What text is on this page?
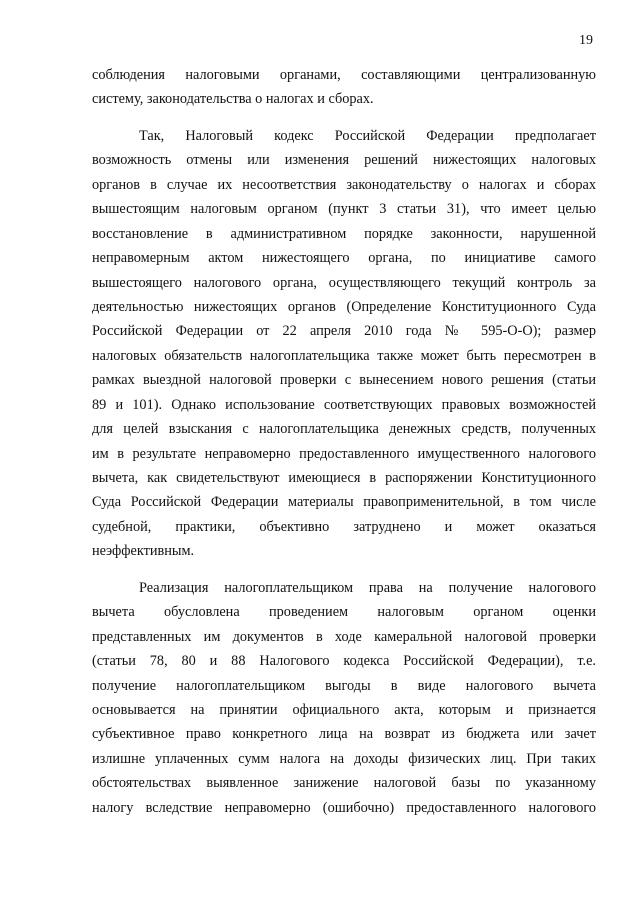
19
соблюдения налоговыми органами, составляющими централизованную
систему, законодательства о налогах и сборах.
Так, Налоговый кодекс Российской Федерации предполагает
возможность отмены или изменения решений нижестоящих налоговых
органов в случае их несоответствия законодательству о налогах и сборах
вышестоящим налоговым органом (пункт 3 статьи 31), что имеет целью
восстановление в административном порядке законности, нарушенной
неправомерным актом нижестоящего органа, по инициативе самого
вышестоящего налогового органа, осуществляющего текущий контроль за
деятельностью нижестоящих органов (Определение Конституционного Суда
Российской Федерации от 22 апреля 2010 года № 595-О-О); размер
налоговых обязательств налогоплательщика также может быть пересмотрен в
рамках выездной налоговой проверки с вынесением нового решения (статьи
89 и 101). Однако использование соответствующих правовых возможностей
для целей взыскания с налогоплательщика денежных средств, полученных
им в результате неправомерно предоставленного имущественного налогового
вычета, как свидетельствуют имеющиеся в распоряжении Конституционного
Суда Российской Федерации материалы правоприменительной, в том числе
судебной, практики, объективно затруднено и может оказаться
неэффективным.
Реализация налогоплательщиком права на получение налогового
вычета обусловлена проведением налоговым органом оценки
представленных им документов в ходе камеральной налоговой проверки
(статьи 78, 80 и 88 Налогового кодекса Российской Федерации), т.е.
получение налогоплательщиком выгоды в виде налогового вычета
основывается на принятии официального акта, которым и признается
субъективное право конкретного лица на возврат из бюджета или зачет
излишне уплаченных сумм налога на доходы физических лиц. При таких
обстоятельствах выявленное занижение налоговой базы по указанному
налогу вследствие неправомерно (ошибочно) предоставленного налогового
